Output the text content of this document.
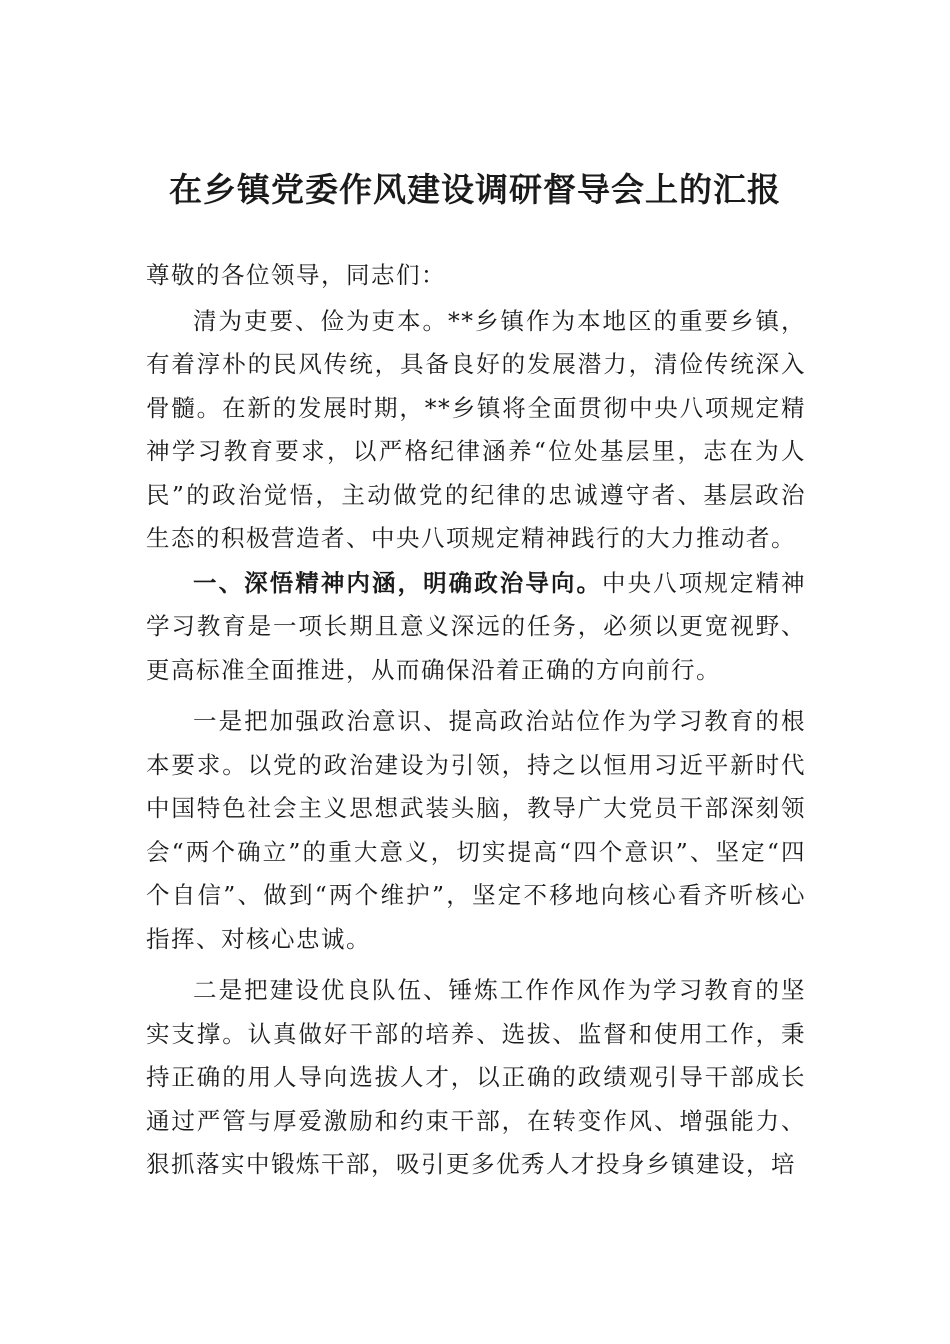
在乡镇党委作风建设调研督导会上的汇报

尊敬的各位领导，同志们：

清为吏要、俭为吏本。**乡镇作为本地区的重要乡镇，有着淳朴的民风传统，具备良好的发展潜力，清俭传统深入骨髓。在新的发展时期，**乡镇将全面贯彻中央八项规定精神学习教育要求，以严格纪律涵养“位处基层里，志在为人民”的政治觉悟，主动做党的纪律的忠诚遵守者、基层政治生态的积极营造者、中央八项规定精神践行的大力推动者。

一、深悟精神内涵，明确政治导向。中央八项规定精神学习教育是一项长期且意义深远的任务，必须以更宽视野、更高标准全面推进，从而确保沿着正确的方向前行。

一是把加强政治意识、提高政治站位作为学习教育的根本要求。以党的政治建设为引领，持之以恒用习近平新时代中国特色社会主义思想武装头脑，教导广大党员干部深刻领会“两个确立”的重大意义，切实提高“四个意识”、坚定“四个自信”、做到“两个维护”，坚定不移地向核心看齐听核心指挥、对核心忠诚。

二是把建设优良队伍、锤炼工作作风作为学习教育的坚实支撑。认真做好干部的培养、选拔、监督和使用工作，秉持正确的用人导向选拔人才，以正确的政绩观引导干部成长通过严管与厚爱激励和约束干部，在转变作风、增强能力、狠抓落实中锻炼干部，吸引更多优秀人才投身乡镇建设，培
